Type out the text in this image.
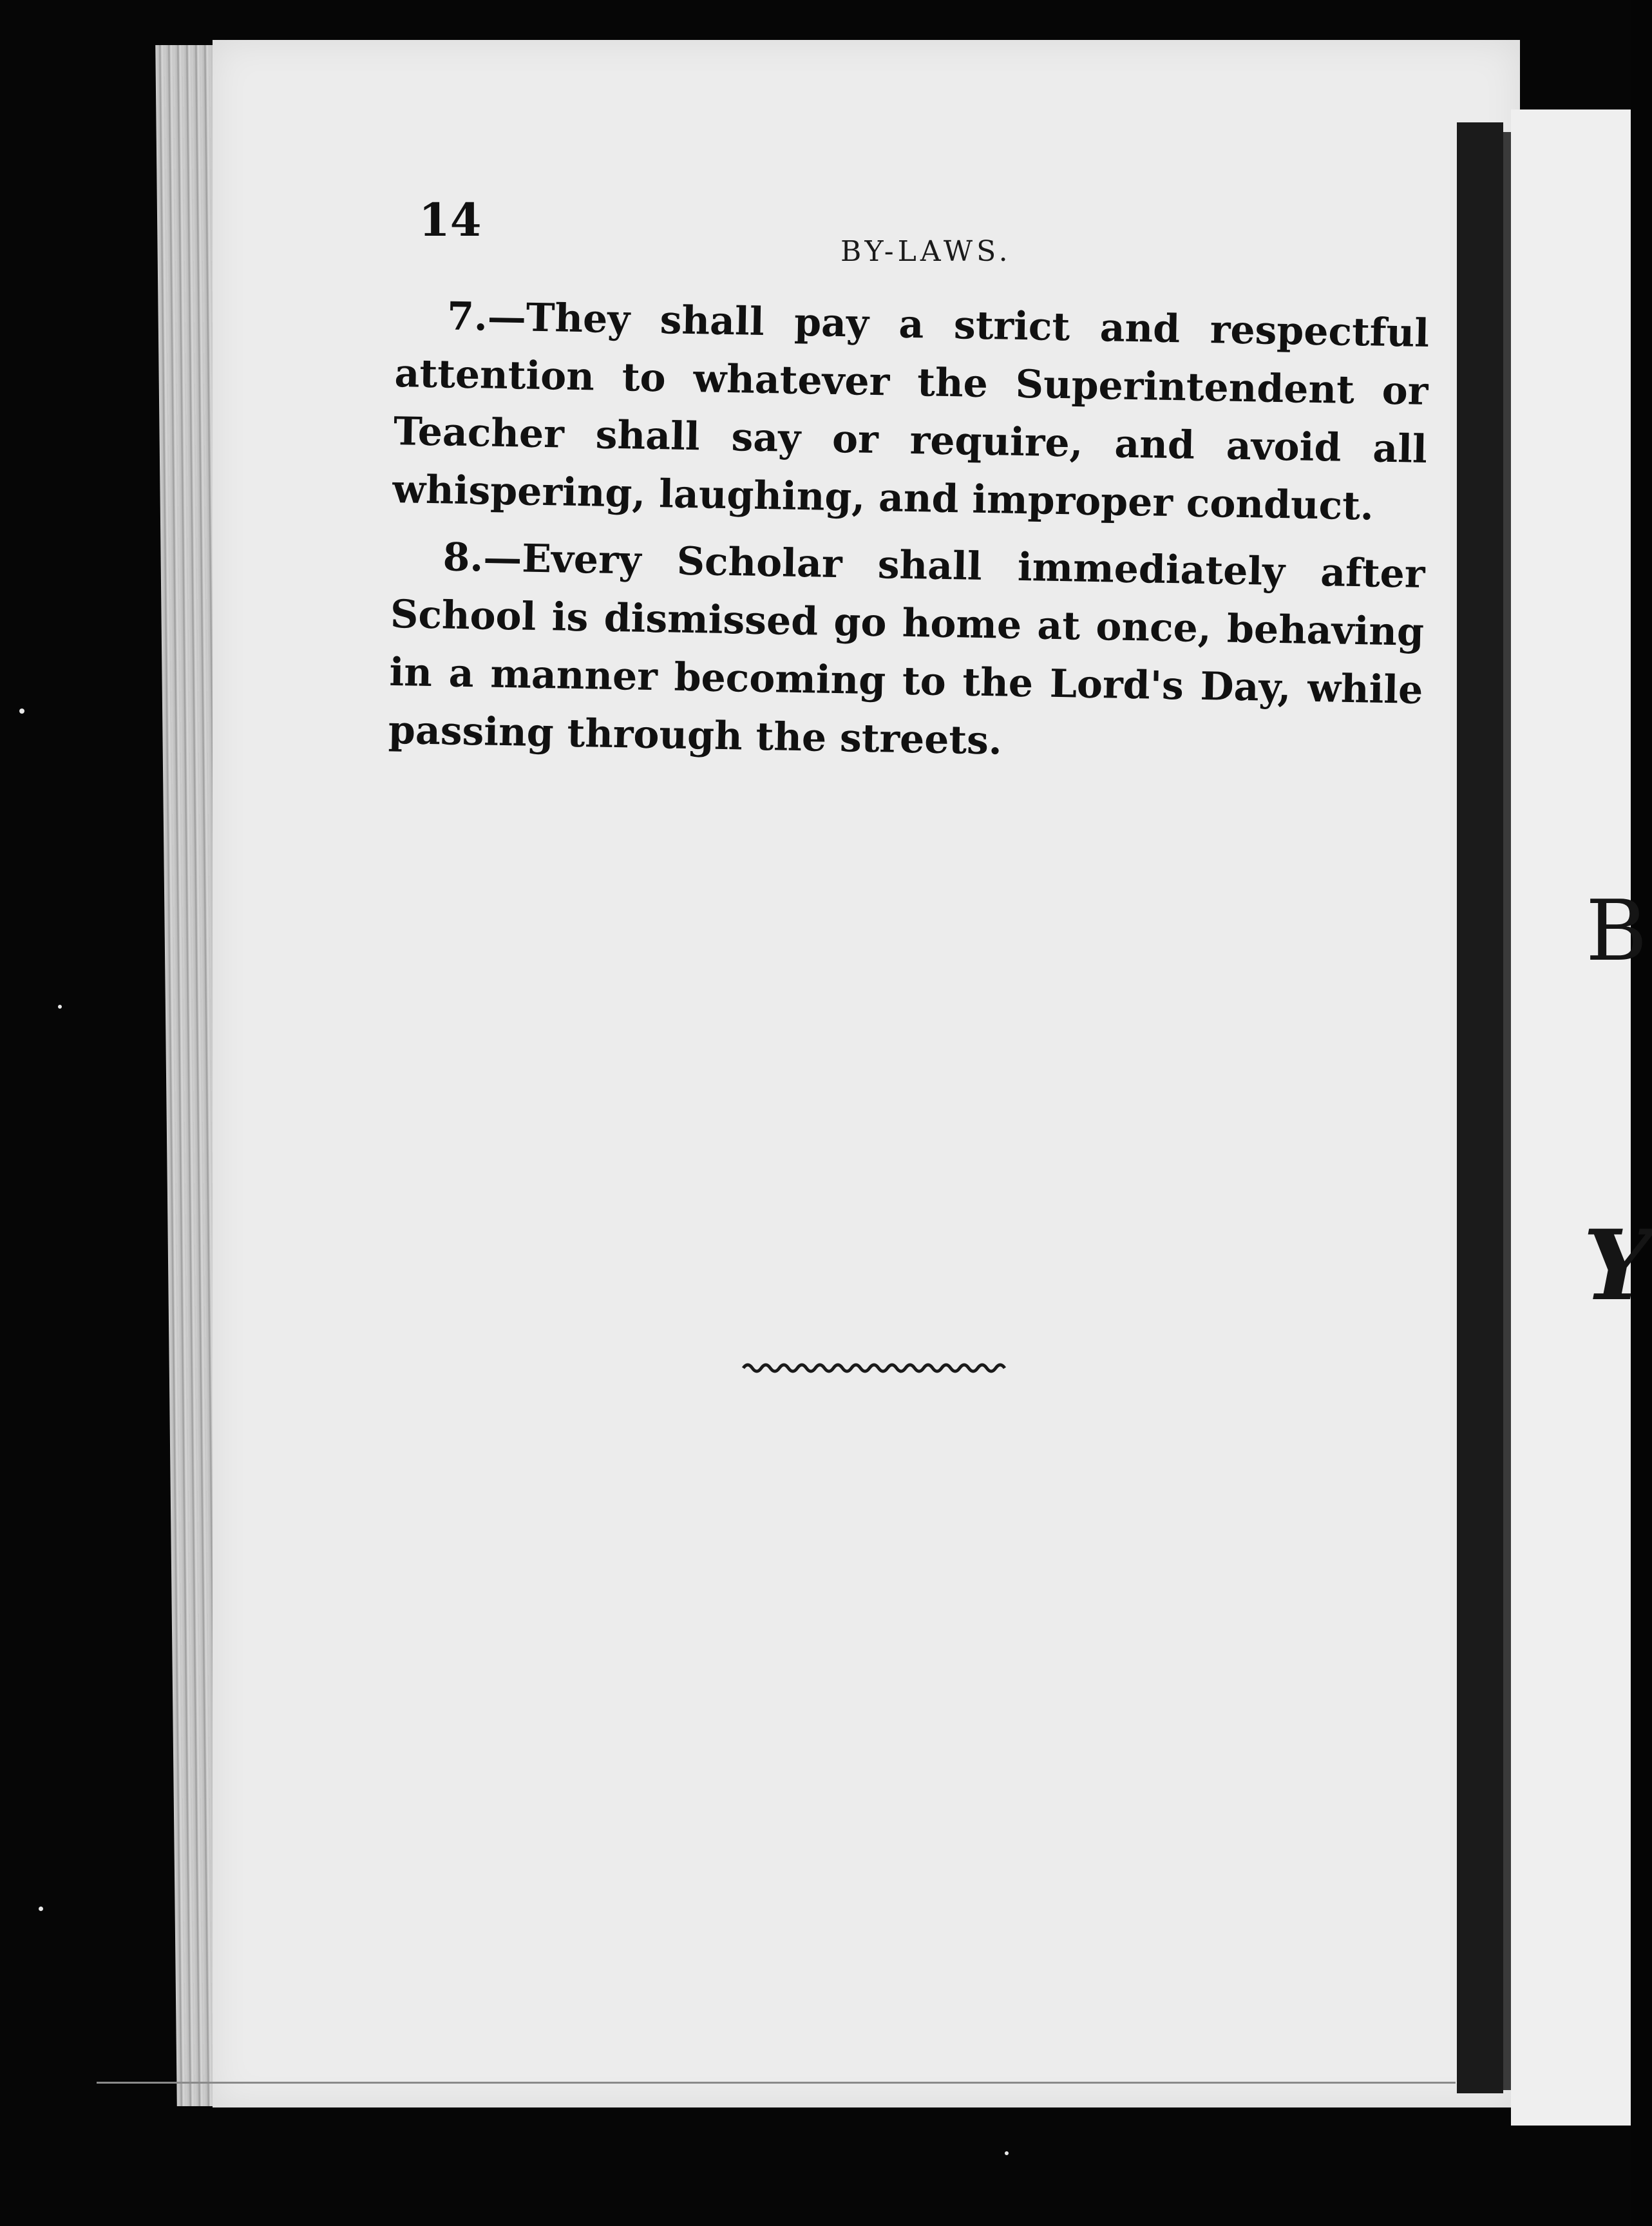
14
BY-LAWS.

7.—They shall pay a strict and respectful attention to whatever the Superintendent or Teacher shall say or require, and avoid all whispering, laughing, and improper conduct.

8.—Every Scholar shall immediately after School is dismissed go home at once, behaving in a manner becoming to the Lord's Day, while passing through the streets.

B
Y
